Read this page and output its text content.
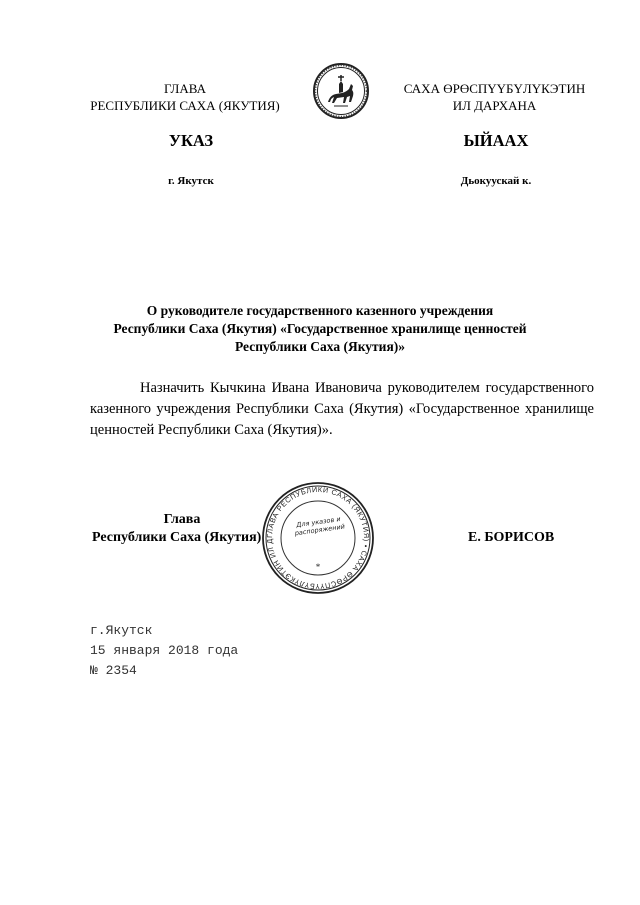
ГЛАВА
РЕСПУБЛИКИ САХА (ЯКУТИЯ)
САХА ӨРӨСПҮҮБҮЛҮКЭТИН
ИЛ ДАРХАНА
УКАЗ	ЫЙААХ
г. Якутск	Дьокуускай к.
О руководителе государственного казенного учреждения
Республики Саха (Якутия) «Государственное хранилище ценностей
Республики Саха (Якутия)»
Назначить Кычкина Ивана Ивановича руководителем государственного казенного учреждения Республики Саха (Якутия) «Государственное хранилище ценностей Республики Саха (Якутия)».
Глава
Республики Саха (Якутия) ГЛАВА РЕСПУБЛИКИ САХА (ЯКУТИЯ) • САХА ӨРӨСПҮҮБҮЛҮКЭТИН ИЛ Д
*
Для указов и распоряжений
Е. БОРИСОВ
г.Якутск
15 января 2018 года
№ 2354
